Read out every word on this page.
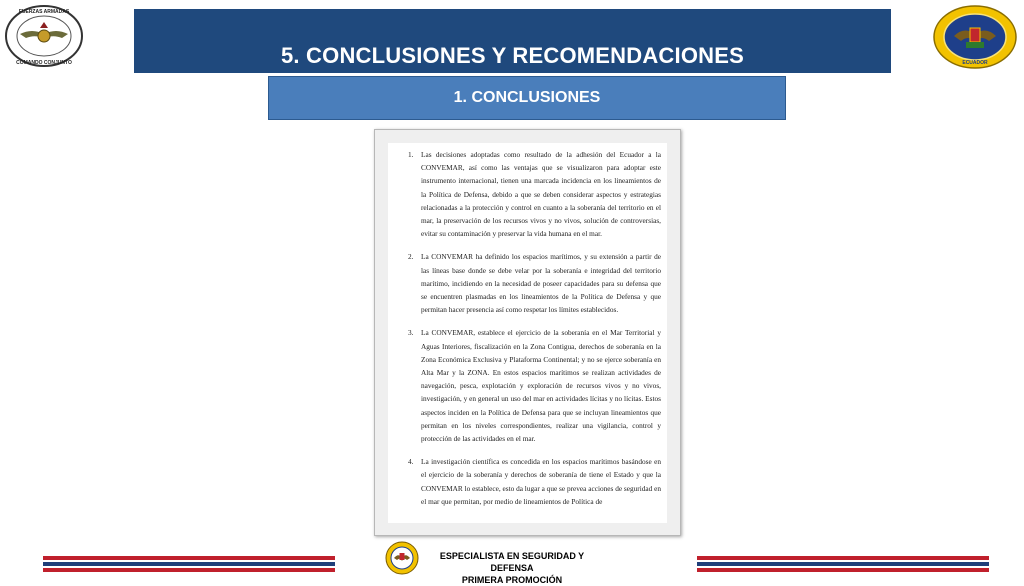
FUERZAS ARMADAS
COMANDO CONJUNTO	ECUADOR
5. CONCLUSIONES Y RECOMENDACIONES
1. CONCLUSIONES
1. Las decisiones adoptadas como resultado de la adhesión del Ecuador a la CONVEMAR, así como las ventajas que se visualizaron para adoptar este instrumento internacional, tienen una marcada incidencia en los lineamientos de la Política de Defensa, debido a que se deben considerar aspectos y estrategias relacionadas a la protección y control en cuanto a la soberanía del territorio en el mar, la preservación de los recursos vivos y no vivos, solución de controversias, evitar su contaminación y preservar la vida humana en el mar.
2. La CONVEMAR ha definido los espacios marítimos, y su extensión a partir de las líneas base donde se debe velar por la soberanía e integridad del territorio marítimo, incidiendo en la necesidad de poseer capacidades para su defensa que se encuentren plasmadas en los lineamientos de la Política de Defensa y que permitan hacer presencia así como respetar los límites establecidos.
3. La CONVEMAR, establece el ejercicio de la soberanía en el Mar Territorial y Aguas Interiores, fiscalización en la Zona Contigua, derechos de soberanía en la Zona Económica Exclusiva y Plataforma Continental; y no se ejerce soberanía en Alta Mar y la ZONA. En estos espacios marítimos se realizan actividades de navegación, pesca, explotación y exploración de recursos vivos y no vivos, investigación, y en general un uso del mar en actividades lícitas y no lícitas. Estos aspectos inciden en la Política de Defensa para que se incluyan lineamientos que permitan en los niveles correspondientes, realizar una vigilancia, control y protección de las actividades en el mar.
4. La investigación científica es concedida en los espacios marítimos basándose en el ejercicio de la soberanía y derechos de soberanía de tiene el Estado y que la CONVEMAR lo establece, esto da lugar a que se prevea acciones de seguridad en el mar que permitan, por medio de lineamientos de Política de
ESPECIALISTA EN SEGURIDAD Y DEFENSA
PRIMERA PROMOCIÓN
